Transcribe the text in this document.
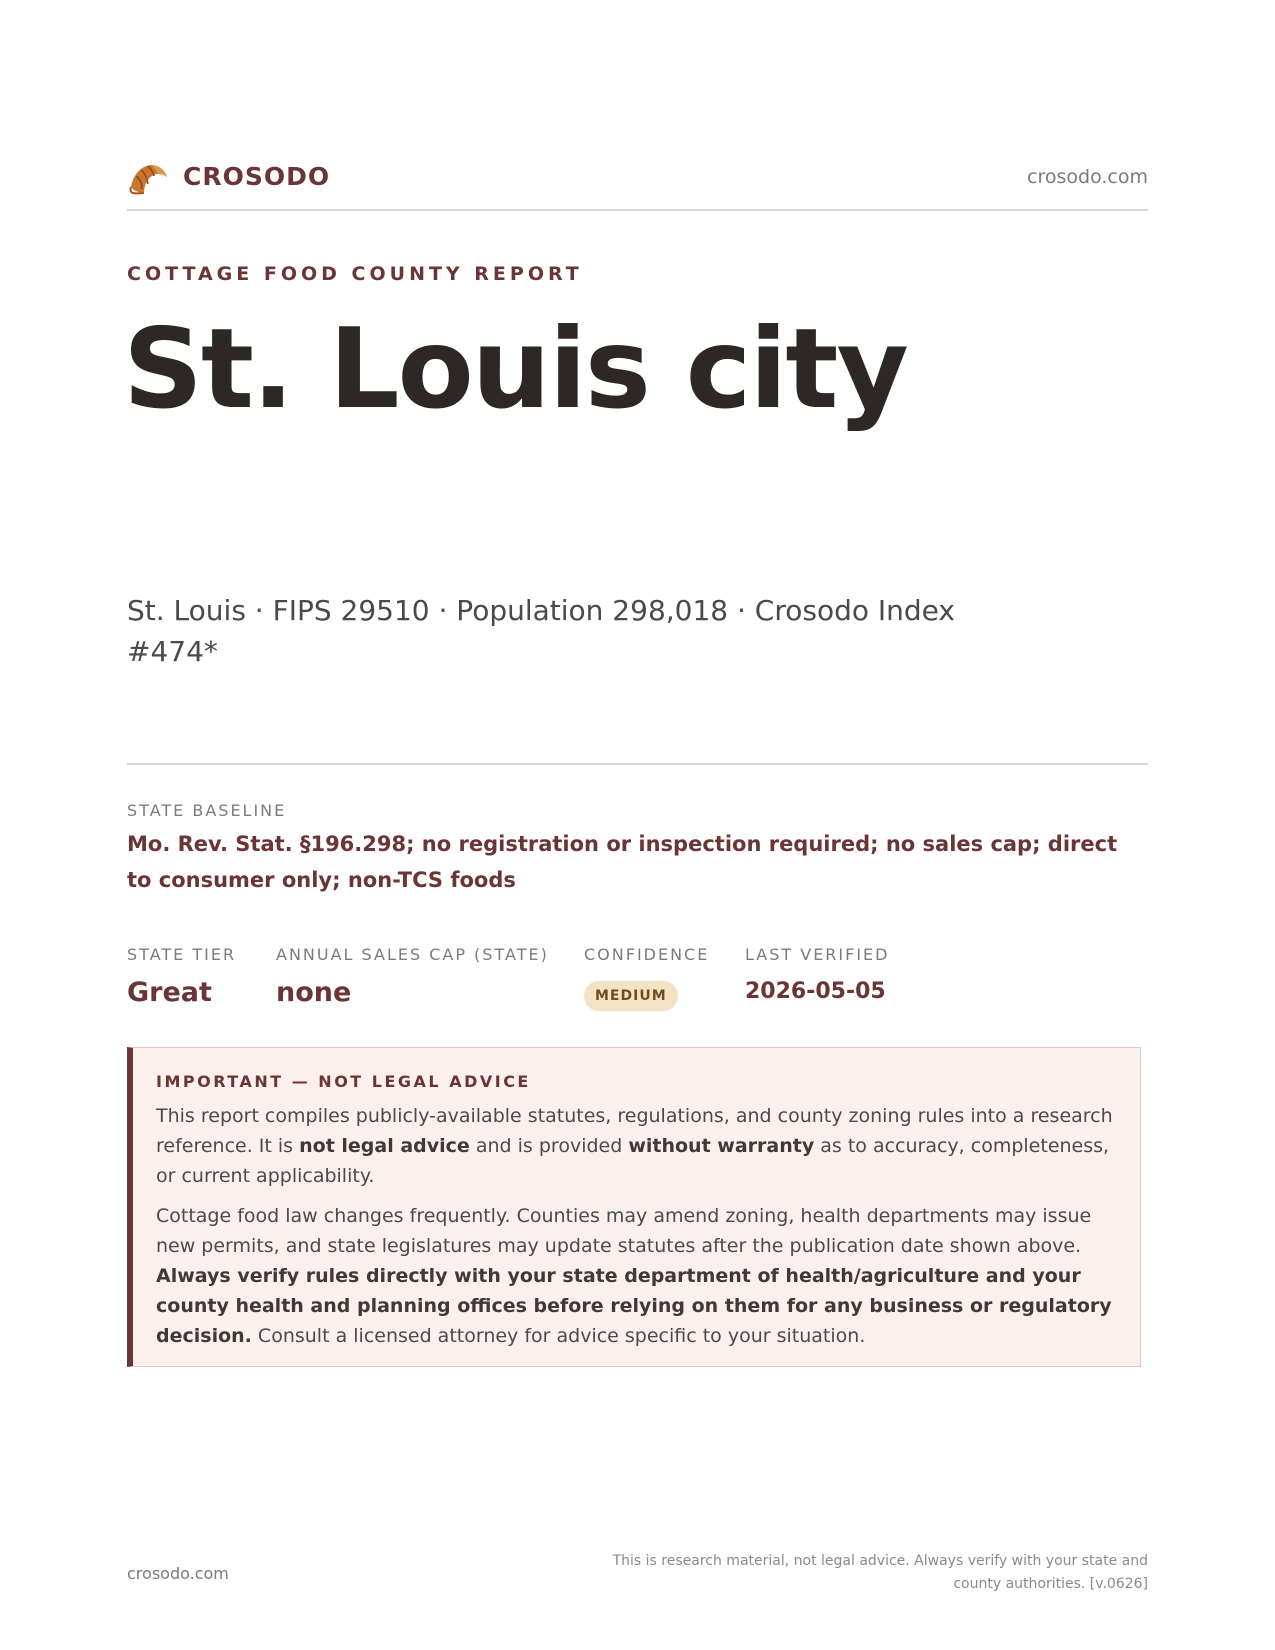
CROSODO	crosodo.com
COTTAGE FOOD COUNTY REPORT
St. Louis city
St. Louis · FIPS 29510 · Population 298,018 · Crosodo Index #474*
STATE BASELINE
Mo. Rev. Stat. §196.298; no registration or inspection required; no sales cap; direct to consumer only; non-TCS foods
STATE TIER
Great
ANNUAL SALES CAP (STATE)
none
CONFIDENCE
MEDIUM
LAST VERIFIED
2026-05-05
IMPORTANT — NOT LEGAL ADVICE

This report compiles publicly-available statutes, regulations, and county zoning rules into a research reference. It is not legal advice and is provided without warranty as to accuracy, completeness, or current applicability.

Cottage food law changes frequently. Counties may amend zoning, health departments may issue new permits, and state legislatures may update statutes after the publication date shown above. Always verify rules directly with your state department of health/agriculture and your county health and planning offices before relying on them for any business or regulatory decision. Consult a licensed attorney for advice specific to your situation.

crosodo.com
This is research material, not legal advice. Always verify with your state and county authorities. [v.0626]
